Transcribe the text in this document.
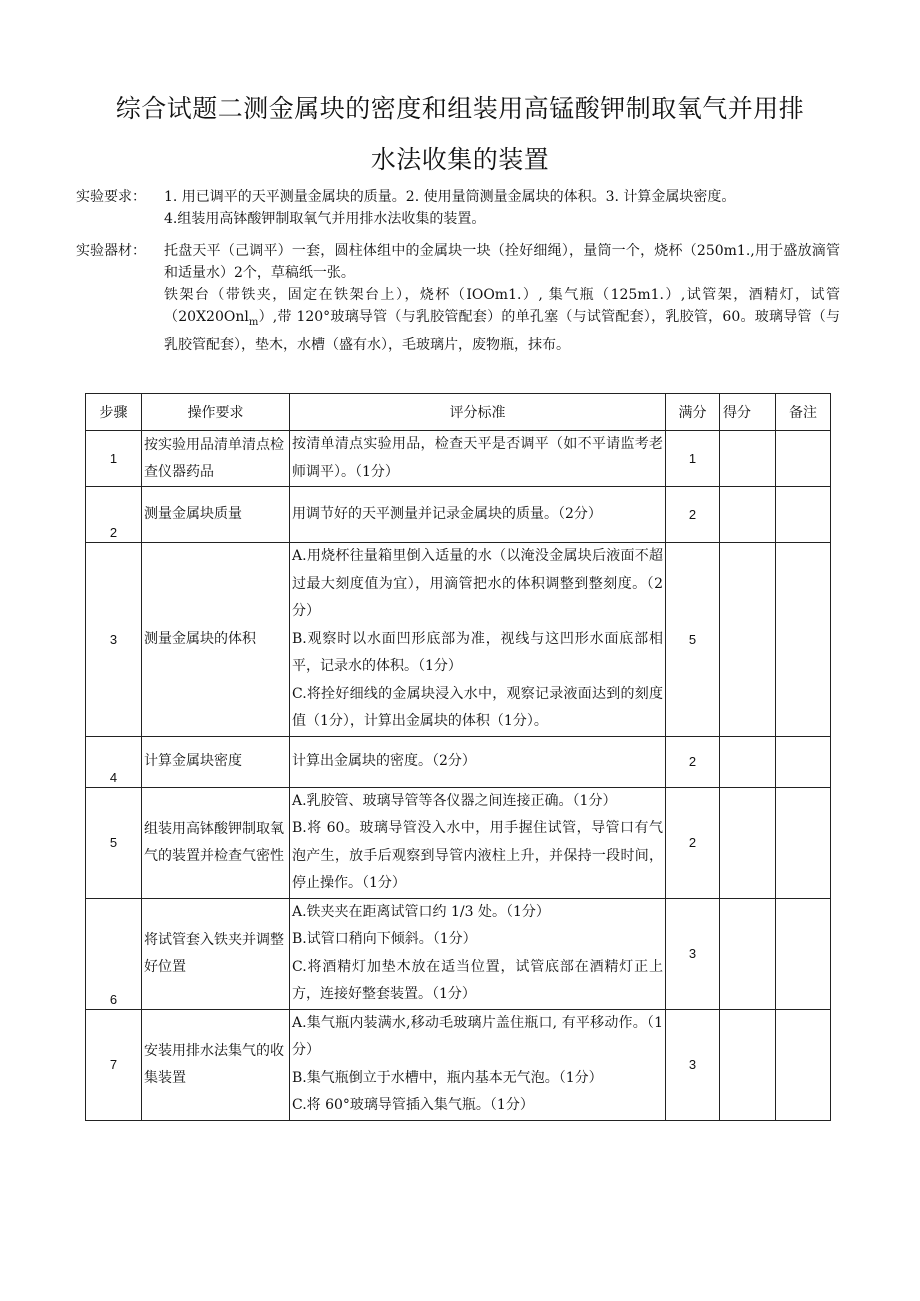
综合试题二测金属块的密度和组装用高锰酸钾制取氧气并用排
水法收集的装置
实验要求： 1. 用已调平的天平测量金属块的质量。2. 使用量筒测量金属块的体积。3. 计算金属块密度。
4.组装用高钵酸钾制取氧气并用排水法收集的装置。
实验器材： 托盘天平（己调平）一套，圆柱体组中的金属块一块（拴好细绳），量筒一个，烧杯（250m1.,用于盛放滴管和适量水）2个，草稿纸一张。
铁架台（带铁夹，固定在铁架台上），烧杯（IOOm1.）, 集气瓶（125m1.）,试管架，酒精灯，试管（20X20Onl$_m$）,带 120°玻璃导管（与乳胶管配套）的单孔塞（与试管配套），乳胶管，60。玻璃导管（与乳胶管配套），垫木，水槽（盛有水），毛玻璃片，废物瓶，抹布。
步骤	操作要求	评分标准	满分	得分	备注
1	按实验用品清单清点检查仪器药品	按清单清点实验用品，检查天平是否调平（如不平请监考老师调平）。（1分）	1		
2	测量金属块质量	用调节好的天平测量并记录金属块的质量。（2分）	2		
3	测量金属块的体积	A.用烧杯往量箱里倒入适量的水（以淹没金属块后液面不超过最大刻度值为宜），用滴管把水的体积调整到整刻度。（2分）
B.观察时以水面凹形底部为准，视线与这凹形水面底部相平，记录水的体积。（1分）
C.将拴好细线的金属块浸入水中，观察记录液面达到的刻度值（1分），计算出金属块的体积（1分）。	5		
4	计算金属块密度	计算出金属块的密度。（2分）	2		
5	组装用高钵酸钾制取氧气的装置并检查气密性	A.乳胶管、玻璃导管等各仪器之间连接正确。（1分）
B.将 60。玻璃导管没入水中，用手握住试管，导管口有气泡产生，放手后观察到导管内液柱上升，并保持一段时间，停止操作。（1分）	2		
6	将试管套入铁夹并调整好位置	A.铁夹夹在距离试管口约 1/3 处。（1分）
B.试管口稍向下倾斜。（1分）
C.将酒精灯加垫木放在适当位置，试管底部在酒精灯正上方，连接好整套装置。（1分）	3		
7	安装用排水法集气的收集装置	A.集气瓶内装满水,移动毛玻璃片盖住瓶口, 有平移动作。（1分）
B.集气瓶倒立于水槽中，瓶内基本无气泡。（1分）
C.将 60°玻璃导管插入集气瓶。（1分）	3		
